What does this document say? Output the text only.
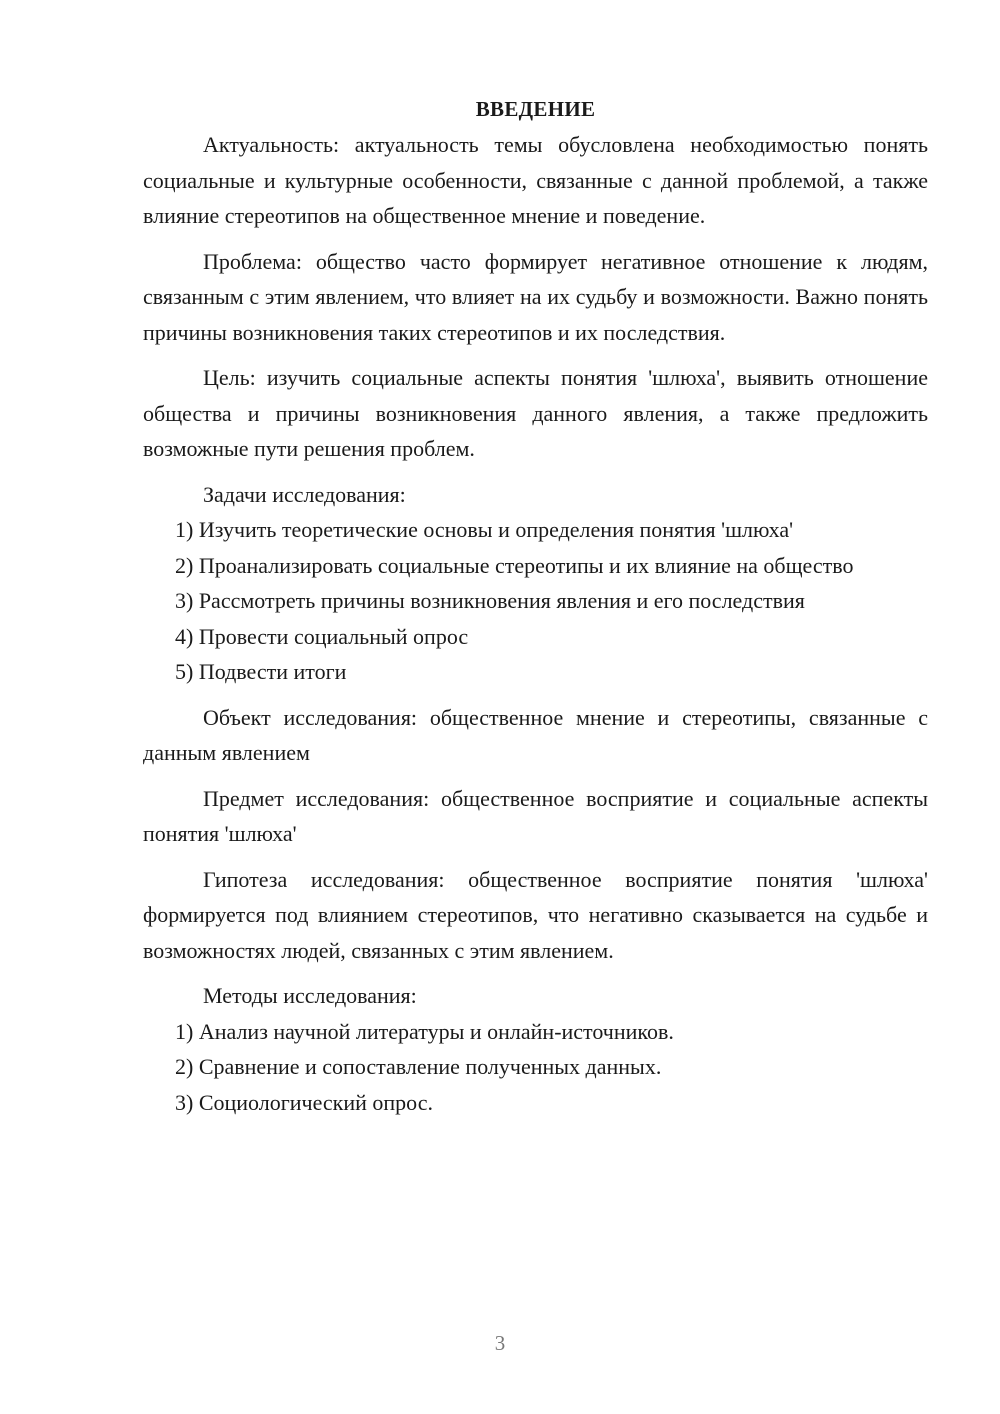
ВВЕДЕНИЕ

Актуальность: актуальность темы обусловлена необходимостью понять социальные и культурные особенности, связанные с данной проблемой, а также влияние стереотипов на общественное мнение и поведение.

Проблема: общество часто формирует негативное отношение к людям, связанным с этим явлением, что влияет на их судьбу и возможности. Важно понять причины возникновения таких стереотипов и их последствия.

Цель: изучить социальные аспекты понятия 'шлюха', выявить отношение общества и причины возникновения данного явления, а также предложить возможные пути решения проблем.

Задачи исследования:

1) Изучить теоретические основы и определения понятия 'шлюха'

2) Проанализировать социальные стереотипы и их влияние на общество

3) Рассмотреть причины возникновения явления и его последствия

4) Провести социальный опрос

5) Подвести итоги

Объект исследования: общественное мнение и стереотипы, связанные с данным явлением

Предмет исследования: общественное восприятие и социальные аспекты понятия 'шлюха'

Гипотеза исследования: общественное восприятие понятия 'шлюха' формируется под влиянием стереотипов, что негативно сказывается на судьбе и возможностях людей, связанных с этим явлением.

Методы исследования:

1) Анализ научной литературы и онлайн-источников.

2) Сравнение и сопоставление полученных данных.

3) Социологический опрос.

3
